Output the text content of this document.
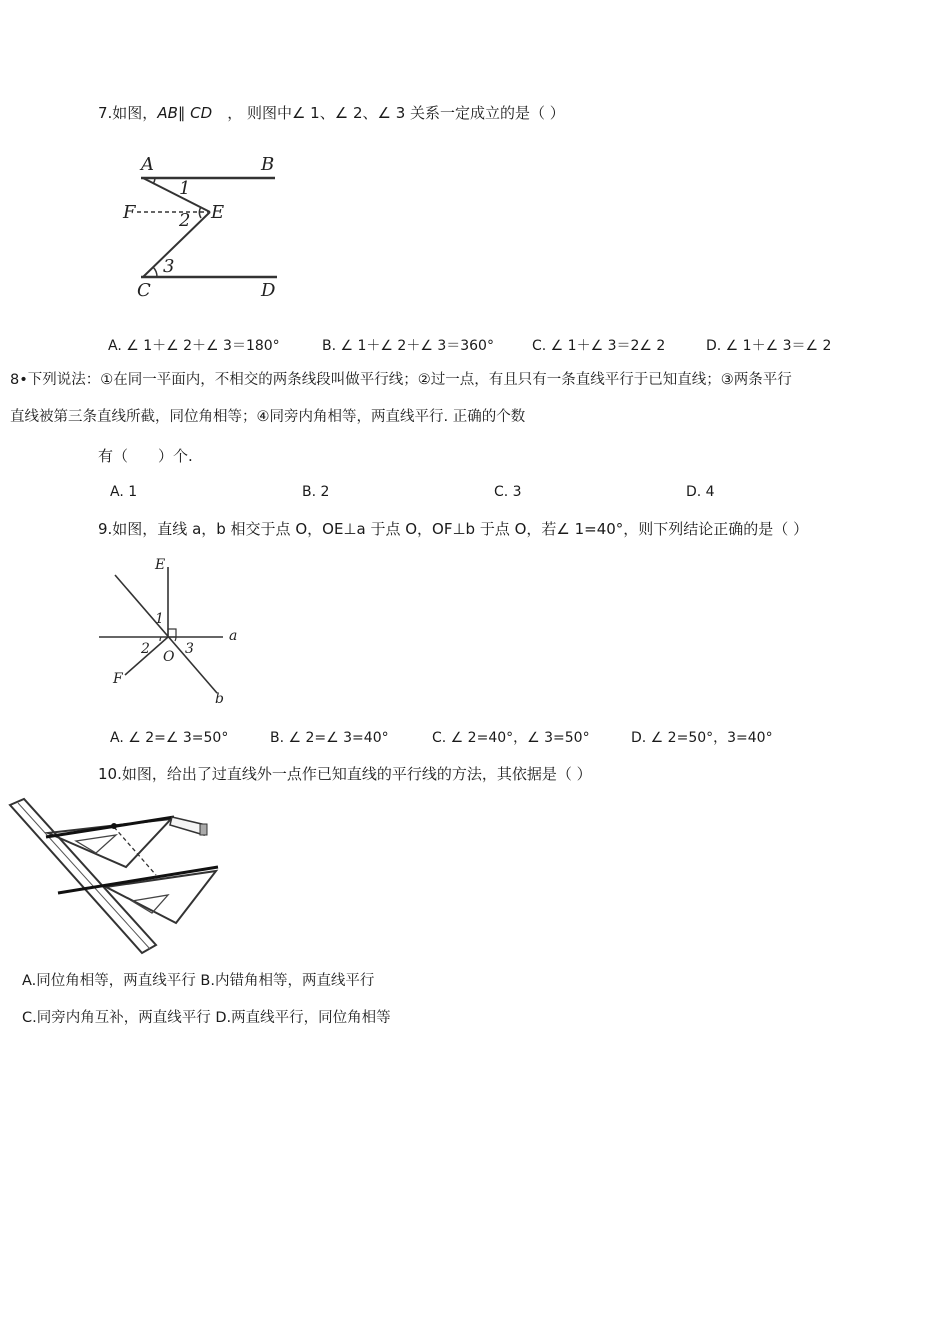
7.如图，AB∥ CD　 ， 则图中∠ 1、∠ 2、∠ 3 关系一定成立的是（ ）
A	B
C	D
E
F
1
2
3
A. ∠ 1＋∠ 2＋∠ 3＝180°	B. ∠ 1＋∠ 2＋∠ 3＝360°	C. ∠ 1＋∠ 3＝2∠ 2	D. ∠ 1＋∠ 3＝∠ 2
8•下列说法：①在同一平面内，不相交的两条线段叫做平行线；②过一点，有且只有一条直线平行于已知直线；③两条平行
直线被第三条直线所截，同位角相等；④同旁内角相等，两直线平行. 正确的个数
有（　　）个.
A. 1	B. 2	C. 3	D. 4
9.如图，直线 a，b 相交于点 O，OE⊥a 于点 O，OF⊥b 于点 O，若∠ 1=40°，则下列结论正确的是（ ）
E
a
b
F
O
1
2	3
A. ∠ 2=∠ 3=50°	B. ∠ 2=∠ 3=40°	C. ∠ 2=40°，∠ 3=50°	D. ∠ 2=50°，3=40°
10.如图，给出了过直线外一点作已知直线的平行线的方法，其依据是（ ）
A.同位角相等，两直线平行 B.内错角相等，两直线平行
C.同旁内角互补，两直线平行 D.两直线平行，同位角相等
